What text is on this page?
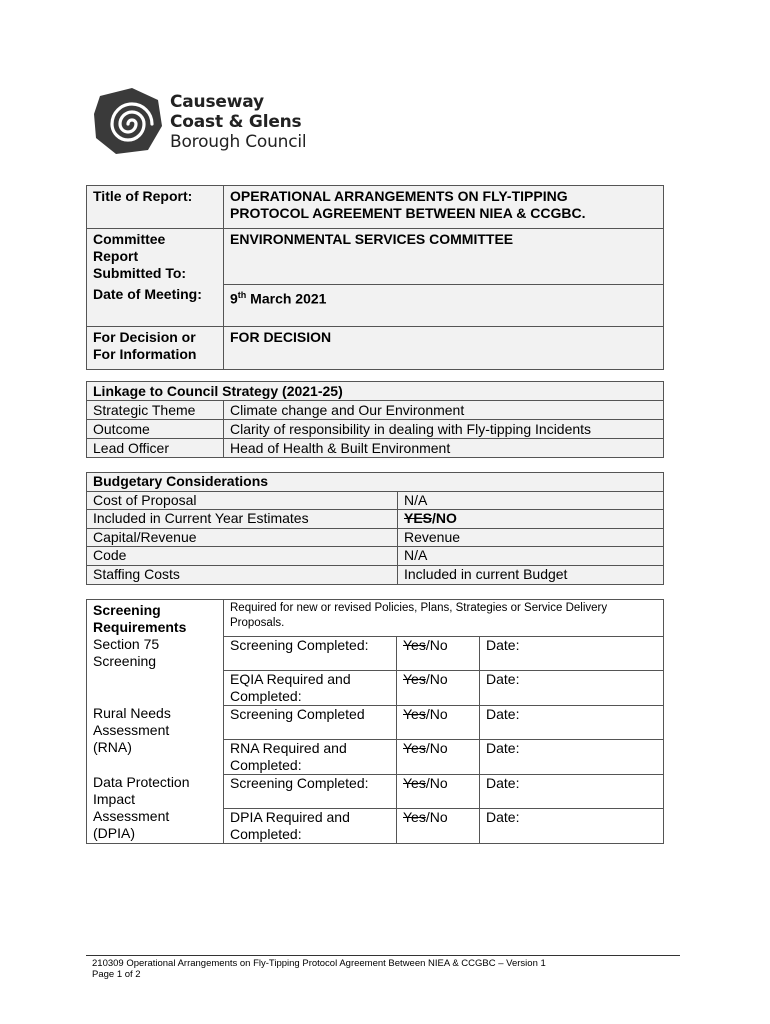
Causeway
Coast & Glens
Borough Council
Title of Report:	OPERATIONAL ARRANGEMENTS ON FLY-TIPPING
PROTOCOL AGREEMENT BETWEEN NIEA & CCGBC.

Committee
Report
Submitted To:	ENVIRONMENTAL SERVICES COMMITTEE
Date of Meeting:	9th March 2021

For Decision or
For Information	FOR DECISION
Linkage to Council Strategy (2021-25)	
Strategic Theme	Climate change and Our Environment
Outcome	Clarity of responsibility in dealing with Fly-tipping Incidents
Lead Officer	Head of Health & Built Environment
Budgetary Considerations	
Cost of Proposal	N/A
Included in Current Year Estimates	YES/NO
Capital/Revenue	Revenue
Code	N/A
Staffing Costs	Included in current Budget
Screening
Requirements	Required for new or revised Policies, Plans, Strategies or Service Delivery Proposals.		

Section 75
Screening	Screening Completed:	Yes/No	Date:

	EQIA Required and
Completed:	Yes/No	Date:

Rural Needs
Assessment
(RNA)	Screening Completed	Yes/No	Date:

	RNA Required and
Completed:	Yes/No	Date:

Data Protection
Impact
Assessment
(DPIA)	Screening Completed:	Yes/No	Date:

	DPIA Required and
Completed:	Yes/No	Date:
210309 Operational Arrangements on Fly-Tipping Protocol Agreement Between NIEA & CCGBC – Version 1
Page 1 of 2
